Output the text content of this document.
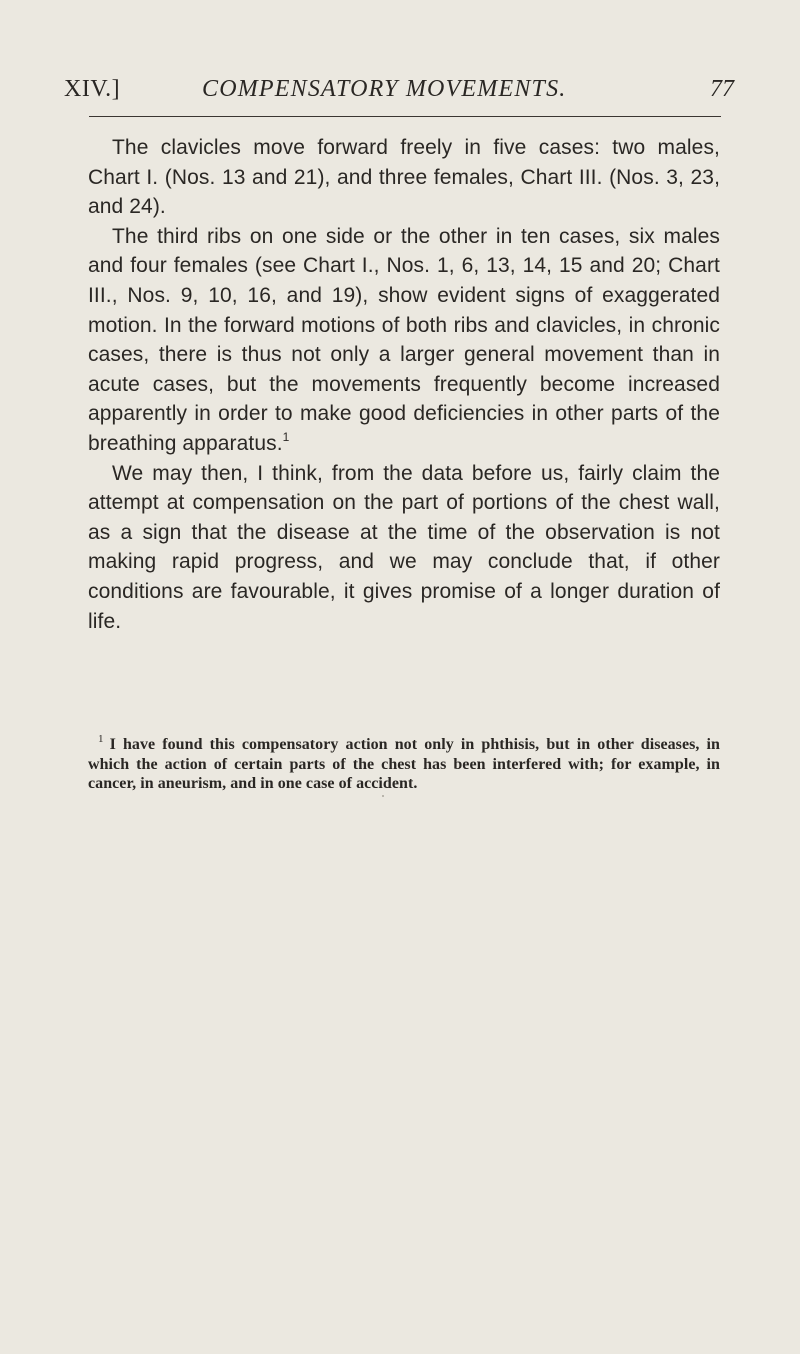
XIV.]	COMPENSATORY MOVEMENTS.	77

The clavicles move forward freely in five cases: two males, Chart I. (Nos. 13 and 21), and three females, Chart III. (Nos. 3, 23, and 24).

The third ribs on one side or the other in ten cases, six males and four females (see Chart I., Nos. 1, 6, 13, 14, 15 and 20; Chart III., Nos. 9, 10, 16, and 19), show evident signs of exaggerated motion. In the forward motions of both ribs and clavicles, in chronic cases, there is thus not only a larger general movement than in acute cases, but the movements frequently become increased apparently in order to make good deficiencies in other parts of the breathing apparatus.$^1$

We may then, I think, from the data before us, fairly claim the attempt at compensation on the part of portions of the chest wall, as a sign that the disease at the time of the observation is not making rapid progress, and we may conclude that, if other conditions are favourable, it gives promise of a longer duration of life.

$^1$ I have found this compensatory action not only in phthisis, but in other diseases, in which the action of certain parts of the chest has been interfered with; for example, in cancer, in aneurism, and in one case of accident.
